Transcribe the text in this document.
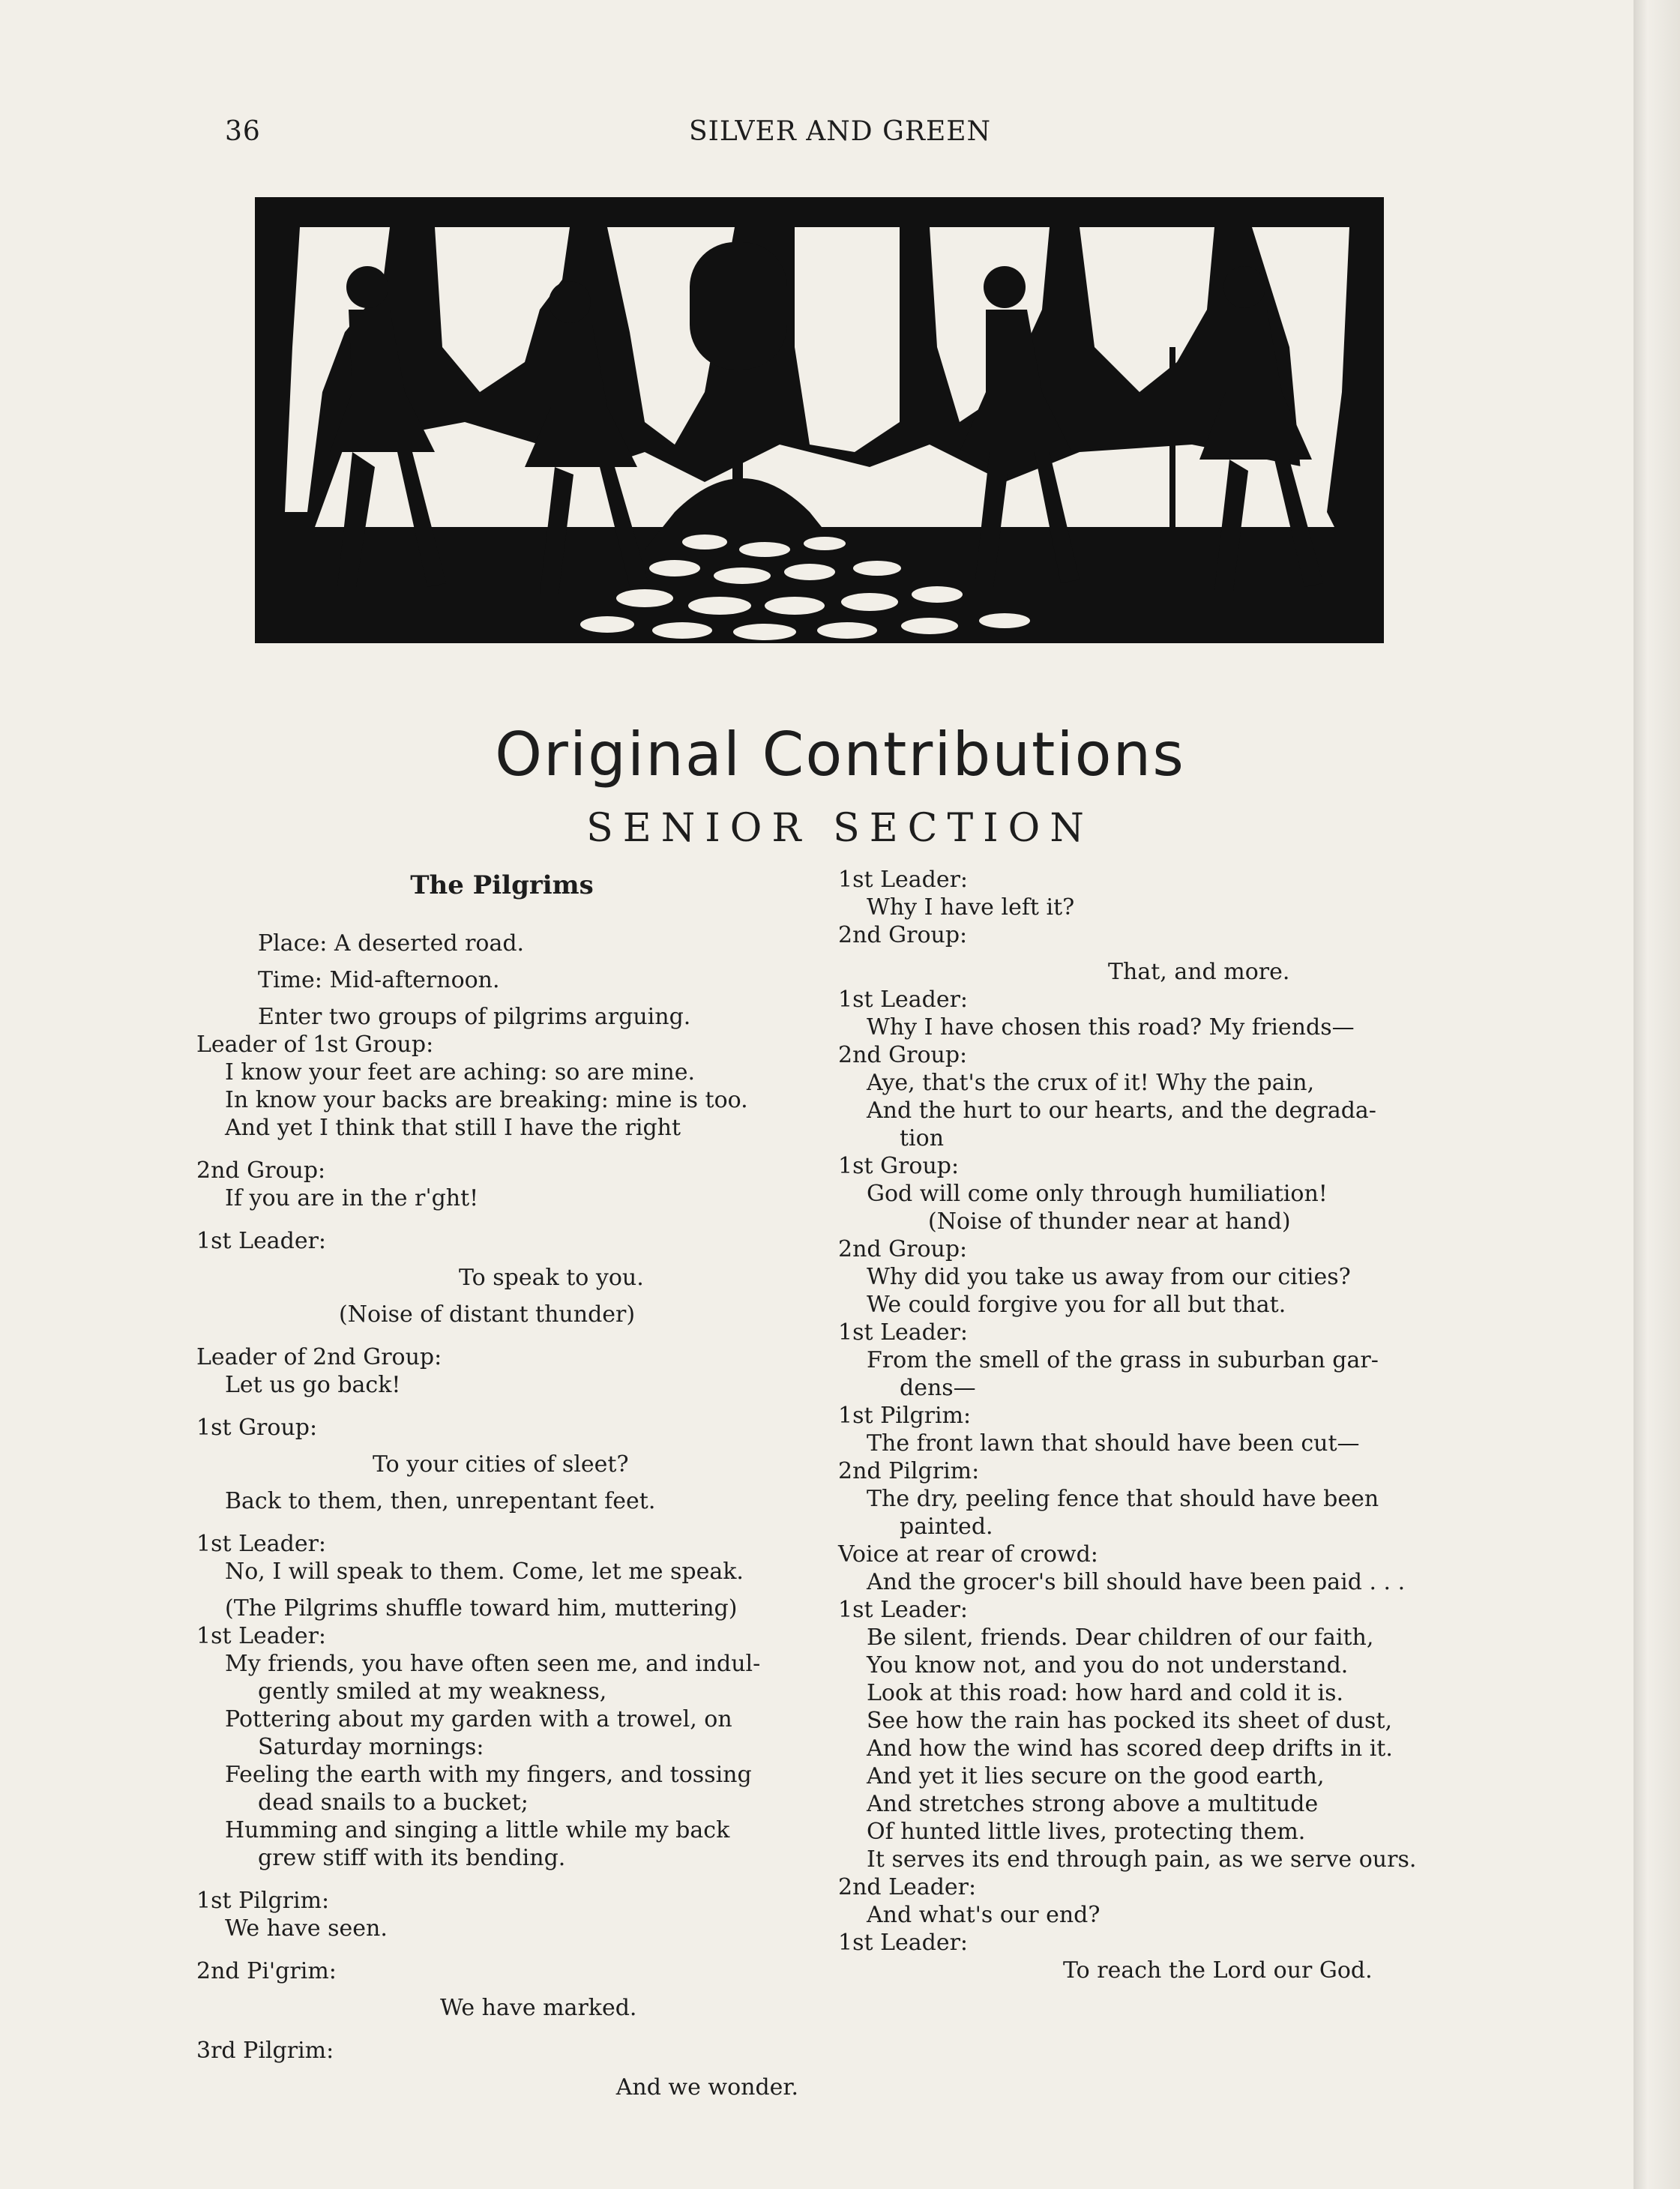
36	SILVER AND GREEN
Original Contributions
SENIOR SECTION
The Pilgrims
Place: A deserted road.
Time: Mid-afternoon.
Enter two groups of pilgrims arguing.
Leader of 1st Group:
I know your feet are aching: so are mine.
In know your backs are breaking: mine is too.
And yet I think that still I have the right
2nd Group:
If you are in the rˈght!
1st Leader:
To speak to you.
(Noise of distant thunder)
Leader of 2nd Group:
Let us go back!
1st Group:
To your cities of sleet?
Back to them, then, unrepentant feet.
1st Leader:
No, I will speak to them. Come, let me speak.
(The Pilgrims shuffle toward him, muttering)
1st Leader:
My friends, you have often seen me, and indul-
gently smiled at my weakness,
Pottering about my garden with a trowel, on
Saturday mornings:
Feeling the earth with my fingers, and tossing
dead snails to a bucket;
Humming and singing a little while my back
grew stiff with its bending.
1st Pilgrim:
We have seen.
2nd Pi'grim:
We have marked.
3rd Pilgrim:
And we wonder.
1st Leader:
Why I have left it?
2nd Group:
That, and more.
1st Leader:
Why I have chosen this road? My friends—
2nd Group:
Aye, that's the crux of it! Why the pain,
And the hurt to our hearts, and the degrada-
tion
1st Group:
God will come only through humiliation!
(Noise of thunder near at hand)
2nd Group:
Why did you take us away from our cities?
We could forgive you for all but that.
1st Leader:
From the smell of the grass in suburban gar-
dens—
1st Pilgrim:
The front lawn that should have been cut—
2nd Pilgrim:
The dry, peeling fence that should have been
painted.
Voice at rear of crowd:
And the grocer's bill should have been paid . . .
1st Leader:
Be silent, friends. Dear children of our faith,
You know not, and you do not understand.
Look at this road: how hard and cold it is.
See how the rain has pocked its sheet of dust,
And how the wind has scored deep drifts in it.
And yet it lies secure on the good earth,
And stretches strong above a multitude
Of hunted little lives, protecting them.
It serves its end through pain, as we serve ours.
2nd Leader:
And what's our end?
1st Leader:
To reach the Lord our God.
